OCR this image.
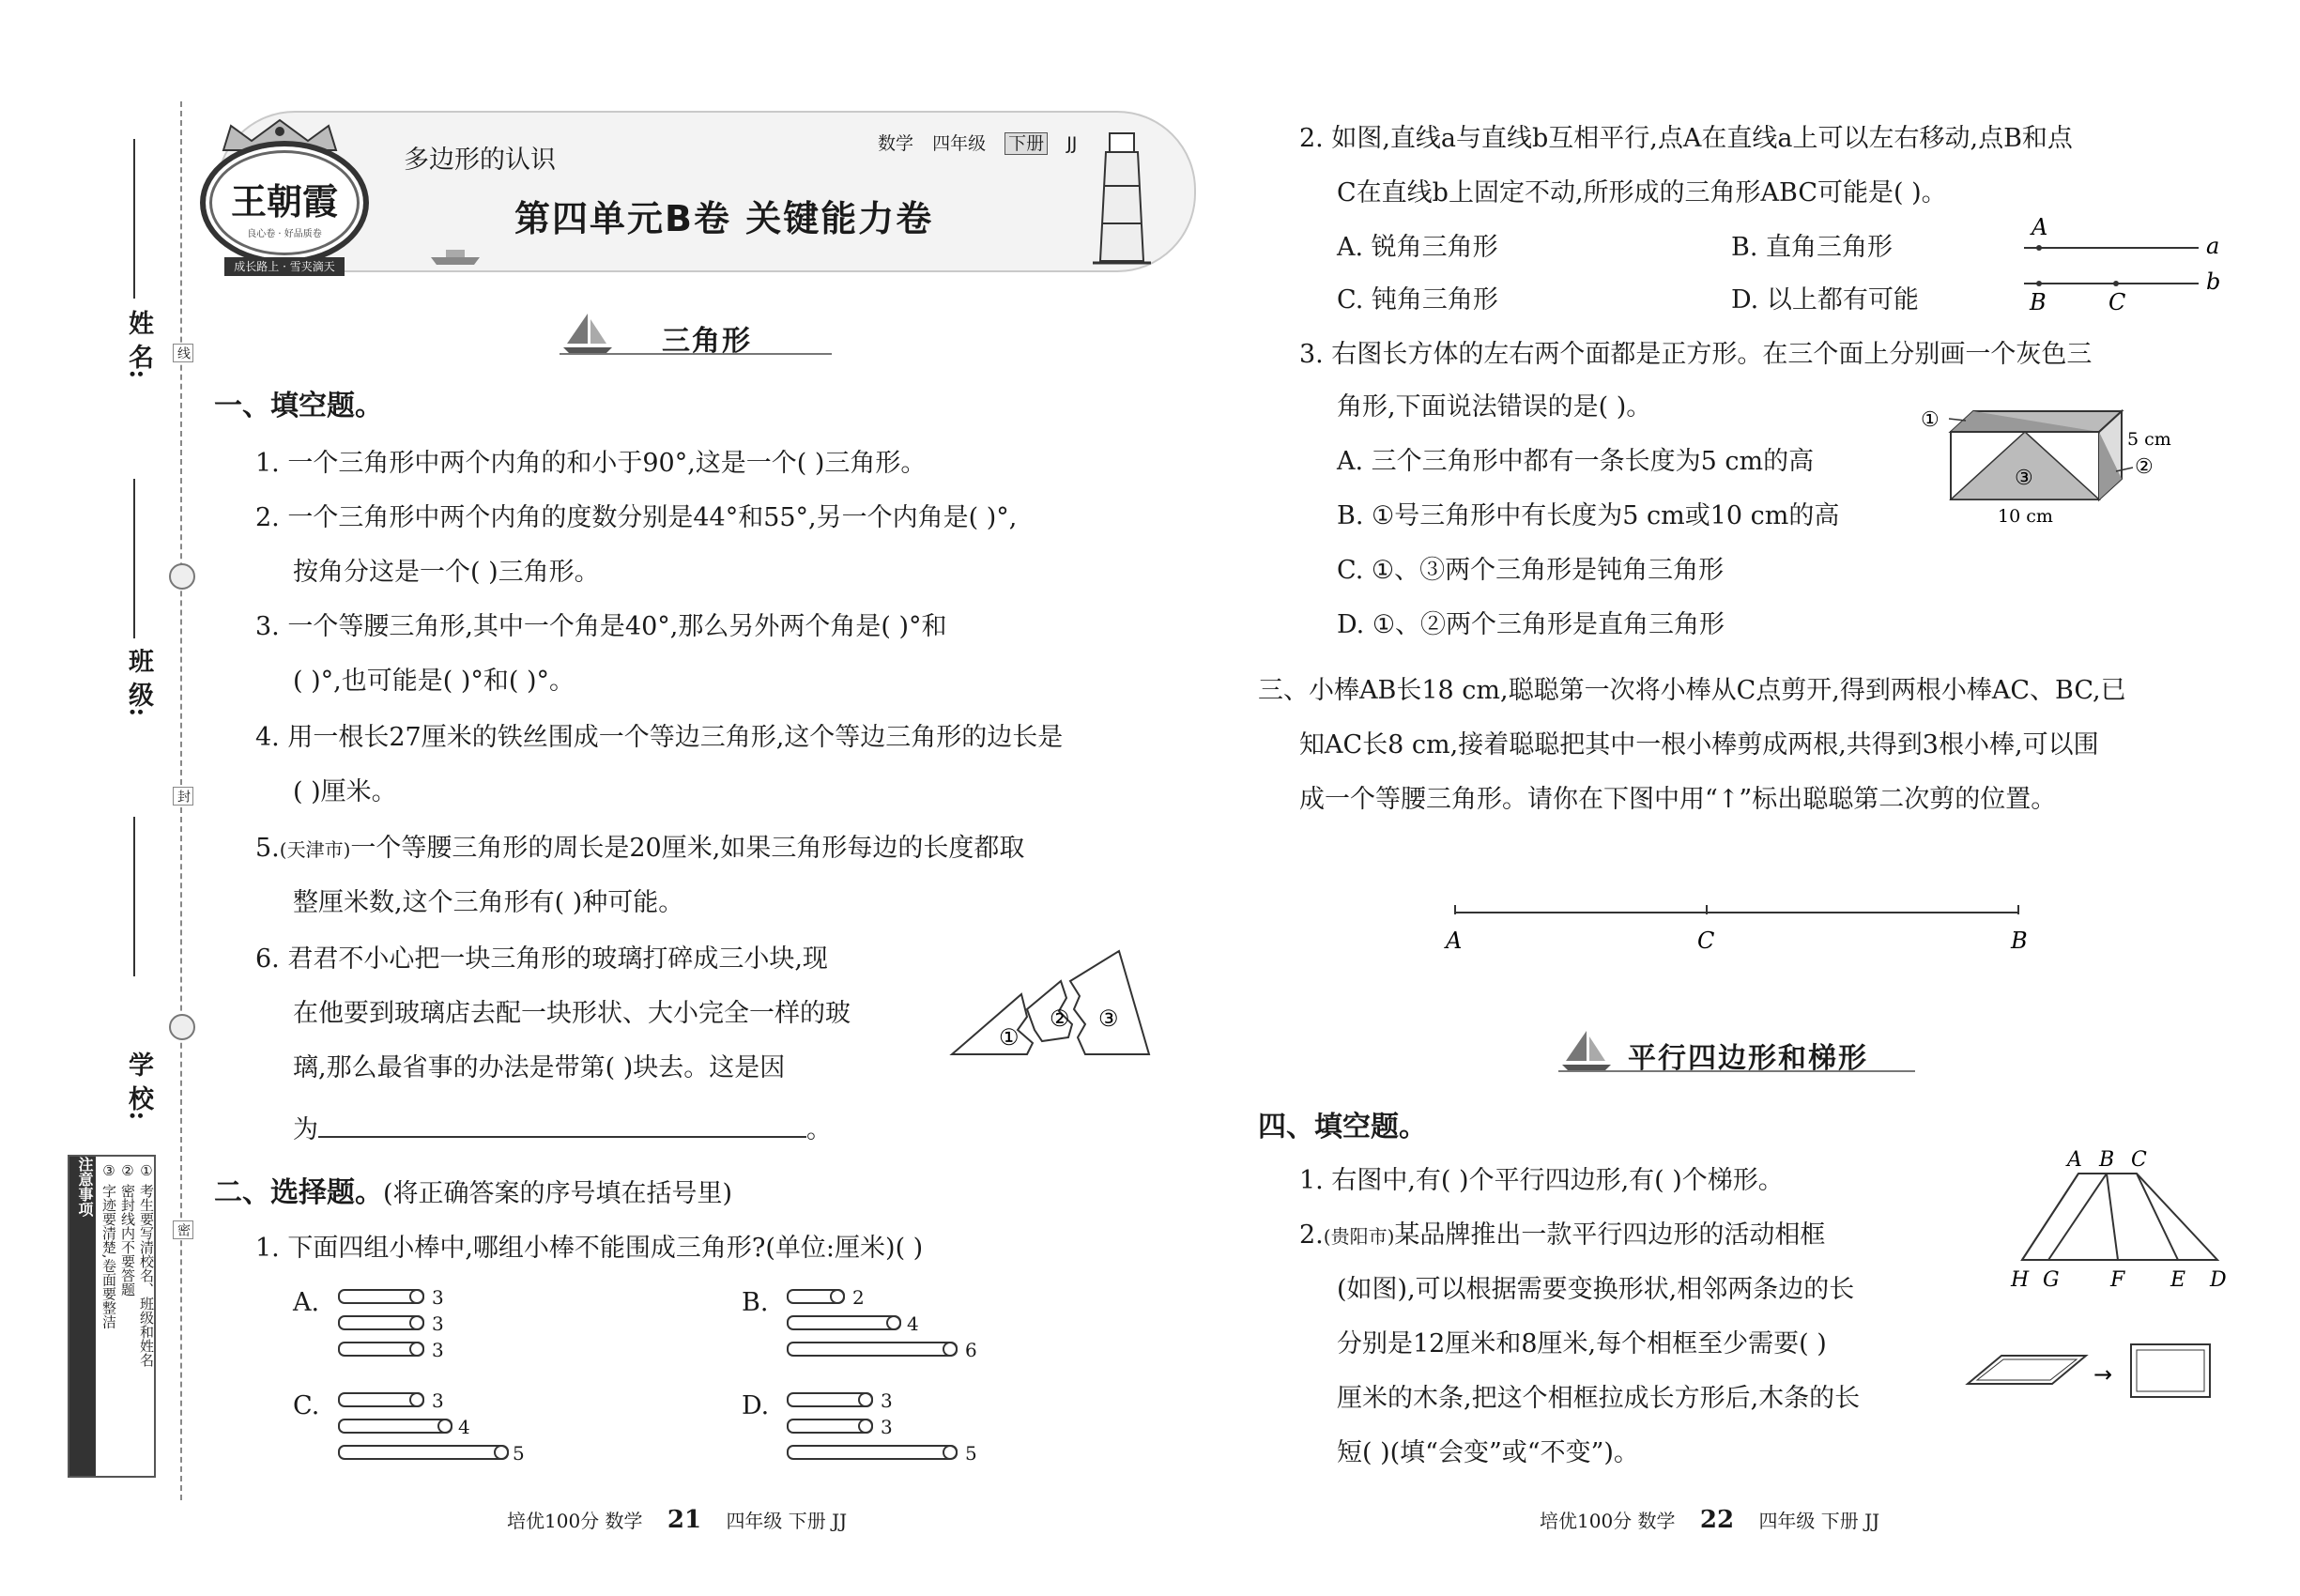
线
封
密
姓 名:
班 级:
学 校:
注意事项	① 考生要写清校名、班级和姓名
② 密封线内不要答题
③ 字迹要清楚,卷面要整洁
王朝霞
良心卷 · 好品质卷
成长路上 · 雪夹滴天
多边形的认识
数学 四年级 下册 JJ
第四单元B卷 关键能力卷
三角形
一、填空题。
1. 一个三角形中两个内角的和小于90°,这是一个( )三角形。
2. 一个三角形中两个内角的度数分别是44°和55°,另一个内角是( )°,
按角分这是一个( )三角形。
3. 一个等腰三角形,其中一个角是40°,那么另外两个角是( )°和
( )°,也可能是( )°和( )°。
4. 用一根长27厘米的铁丝围成一个等边三角形,这个等边三角形的边长是
( )厘米。
5.(天津市)一个等腰三角形的周长是20厘米,如果三角形每边的长度都取
整厘米数,这个三角形有( )种可能。
6. 君君不小心把一块三角形的玻璃打碎成三小块,现
在他要到玻璃店去配一块形状、大小完全一样的玻
璃,那么最省事的办法是带第( )块去。这是因
为	。
①
② ③
二、选择题。(将正确答案的序号填在括号里)
1. 下面四组小棒中,哪组小棒不能围成三角形?(单位:厘米)( )
A.	3
3
3
B.	2
4
6
C.	3
4
5
D.	3
3
5
培优100分 数学 21 四年级 下册 JJ
2. 如图,直线a与直线b互相平行,点A在直线a上可以左右移动,点B和点
C在直线b上固定不动,所形成的三角形ABC可能是( )。
A. 锐角三角形	B. 直角三角形
C. 钝角三角形	D. 以上都有可能
A
a
b
B	C
3. 右图长方体的左右两个面都是正方形。在三个面上分别画一个灰色三
角形,下面说法错误的是( )。
A. 三个三角形中都有一条长度为5 cm的高
B. ①号三角形中有长度为5 cm或10 cm的高
C. ①、③两个三角形是钝角三角形
D. ①、②两个三角形是直角三角形
①
②
③
5 cm
10 cm
三、小棒AB长18 cm,聪聪第一次将小棒从C点剪开,得到两根小棒AC、BC,已
知AC长8 cm,接着聪聪把其中一根小棒剪成两根,共得到3根小棒,可以围
成一个等腰三角形。请你在下图中用“↑”标出聪聪第二次剪的位置。
A	C	B
平行四边形和梯形
四、填空题。
1. 右图中,有( )个平行四边形,有( )个梯形。
2.(贵阳市)某品牌推出一款平行四边形的活动相框
(如图),可以根据需要变换形状,相邻两条边的长
分别是12厘米和8厘米,每个相框至少需要( )
厘米的木条,把这个相框拉成长方形后,木条的长
短( )(填“会变”或“不变”)。
A B C
H G F E D
→
培优100分 数学 22 四年级 下册 JJ
